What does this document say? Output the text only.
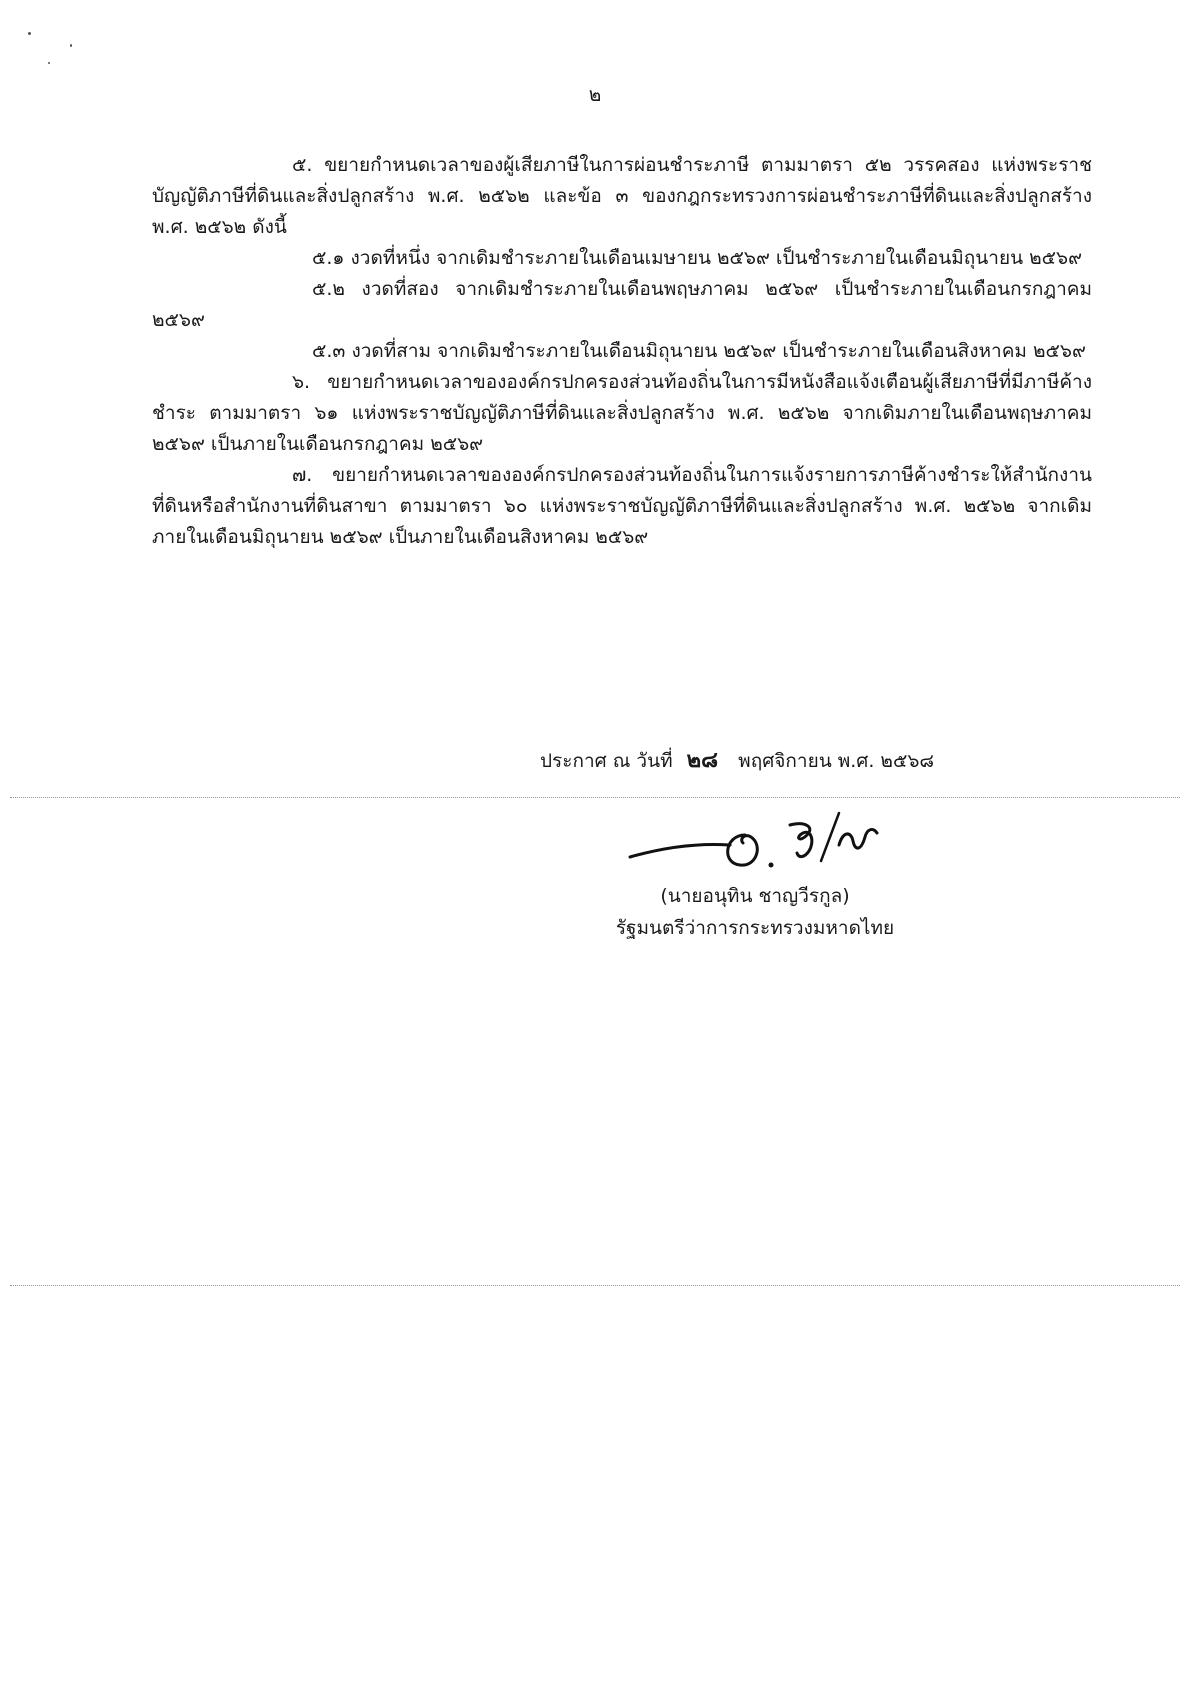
๒

๕. ขยายกำหนดเวลาของผู้เสียภาษีในการผ่อนชำระภาษี ตามมาตรา ๕๒ วรรคสอง แห่งพระราชบัญญัติภาษีที่ดินและสิ่งปลูกสร้าง พ.ศ. ๒๕๖๒ และข้อ ๓ ของกฎกระทรวงการผ่อนชำระภาษีที่ดินและสิ่งปลูกสร้าง พ.ศ. ๒๕๖๒ ดังนี้

๕.๑ งวดที่หนึ่ง จากเดิมชำระภายในเดือนเมษายน ๒๕๖๙ เป็นชำระภายในเดือนมิถุนายน ๒๕๖๙

๕.๒ งวดที่สอง จากเดิมชำระภายในเดือนพฤษภาคม ๒๕๖๙ เป็นชำระภายในเดือนกรกฎาคม ๒๕๖๙

๕.๓ งวดที่สาม จากเดิมชำระภายในเดือนมิถุนายน ๒๕๖๙ เป็นชำระภายในเดือนสิงหาคม ๒๕๖๙

๖. ขยายกำหนดเวลาขององค์กรปกครองส่วนท้องถิ่นในการมีหนังสือแจ้งเตือนผู้เสียภาษีที่มีภาษีค้างชำระ ตามมาตรา ๖๑ แห่งพระราชบัญญัติภาษีที่ดินและสิ่งปลูกสร้าง พ.ศ. ๒๕๖๒ จากเดิมภายในเดือนพฤษภาคม ๒๕๖๙ เป็นภายในเดือนกรกฎาคม ๒๕๖๙

๗. ขยายกำหนดเวลาขององค์กรปกครองส่วนท้องถิ่นในการแจ้งรายการภาษีค้างชำระให้สำนักงานที่ดินหรือสำนักงานที่ดินสาขา ตามมาตรา ๖๐ แห่งพระราชบัญญัติภาษีที่ดินและสิ่งปลูกสร้าง พ.ศ. ๒๕๖๒ จากเดิมภายในเดือนมิถุนายน ๒๕๖๙ เป็นภายในเดือนสิงหาคม ๒๕๖๙

ประกาศ ณ วันที่ ๒๘ พฤศจิกายน พ.ศ. ๒๕๖๘
(นายอนุทิน ชาญวีรกูล)
รัฐมนตรีว่าการกระทรวงมหาดไทย
